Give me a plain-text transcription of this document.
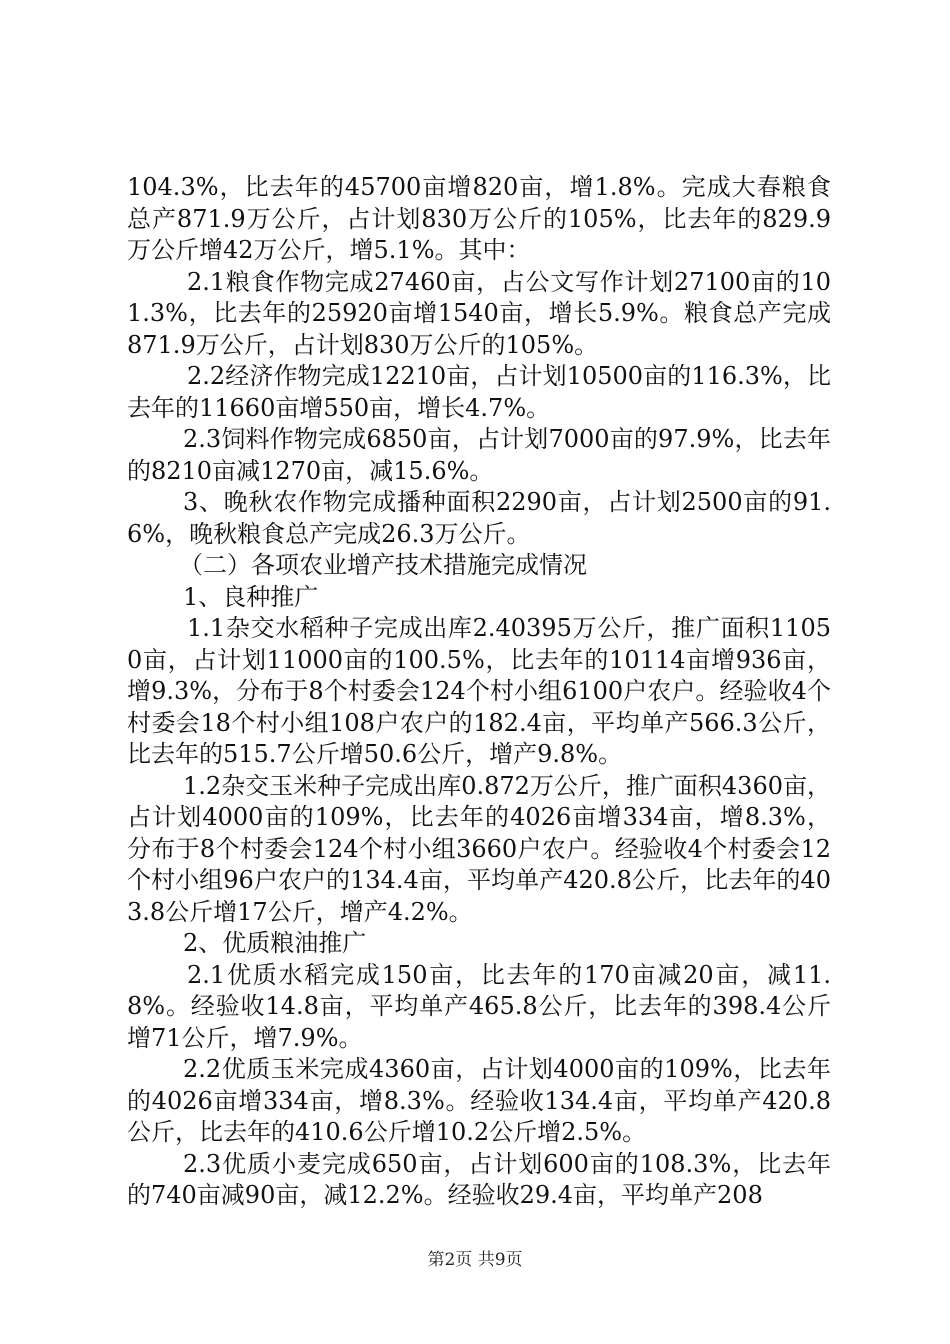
104.3%，比去年的45700亩增820亩，增1.8%。完成大春粮食总产871.9万公斤，占计划830万公斤的105%，比去年的829.9万公斤增42万公斤，增5.1%。其中：

2.1粮食作物完成27460亩，占公文写作计划27100亩的101.3%，比去年的25920亩增1540亩，增长5.9%。粮食总产完成871.9万公斤，占计划830万公斤的105%。

2.2经济作物完成12210亩，占计划10500亩的116.3%，比去年的11660亩增550亩，增长4.7%。

2.3饲料作物完成6850亩，占计划7000亩的97.9%，比去年的8210亩减1270亩，减15.6%。

3、晚秋农作物完成播种面积2290亩，占计划2500亩的91.6%，晚秋粮食总产完成26.3万公斤。

（二）各项农业增产技术措施完成情况

1、良种推广

1.1杂交水稻种子完成出库2.40395万公斤，推广面积11050亩，占计划11000亩的100.5%，比去年的10114亩增936亩，增9.3%，分布于8个村委会124个村小组6100户农户。经验收4个村委会18个村小组108户农户的182.4亩，平均单产566.3公斤，比去年的515.7公斤增50.6公斤，增产9.8%。

1.2杂交玉米种子完成出库0.872万公斤，推广面积4360亩，占计划4000亩的109%，比去年的4026亩增334亩，增8.3%，分布于8个村委会124个村小组3660户农户。经验收4个村委会12个村小组96户农户的134.4亩，平均单产420.8公斤，比去年的403.8公斤增17公斤，增产4.2%。

2、优质粮油推广

2.1优质水稻完成150亩，比去年的170亩减20亩，减11.8%。经验收14.8亩，平均单产465.8公斤，比去年的398.4公斤增71公斤，增7.9%。

2.2优质玉米完成4360亩，占计划4000亩的109%，比去年的4026亩增334亩，增8.3%。经验收134.4亩，平均单产420.8公斤，比去年的410.6公斤增10.2公斤增2.5%。

2.3优质小麦完成650亩，占计划600亩的108.3%，比去年的740亩减90亩，减12.2%。经验收29.4亩，平均单产208

第2页 共9页
